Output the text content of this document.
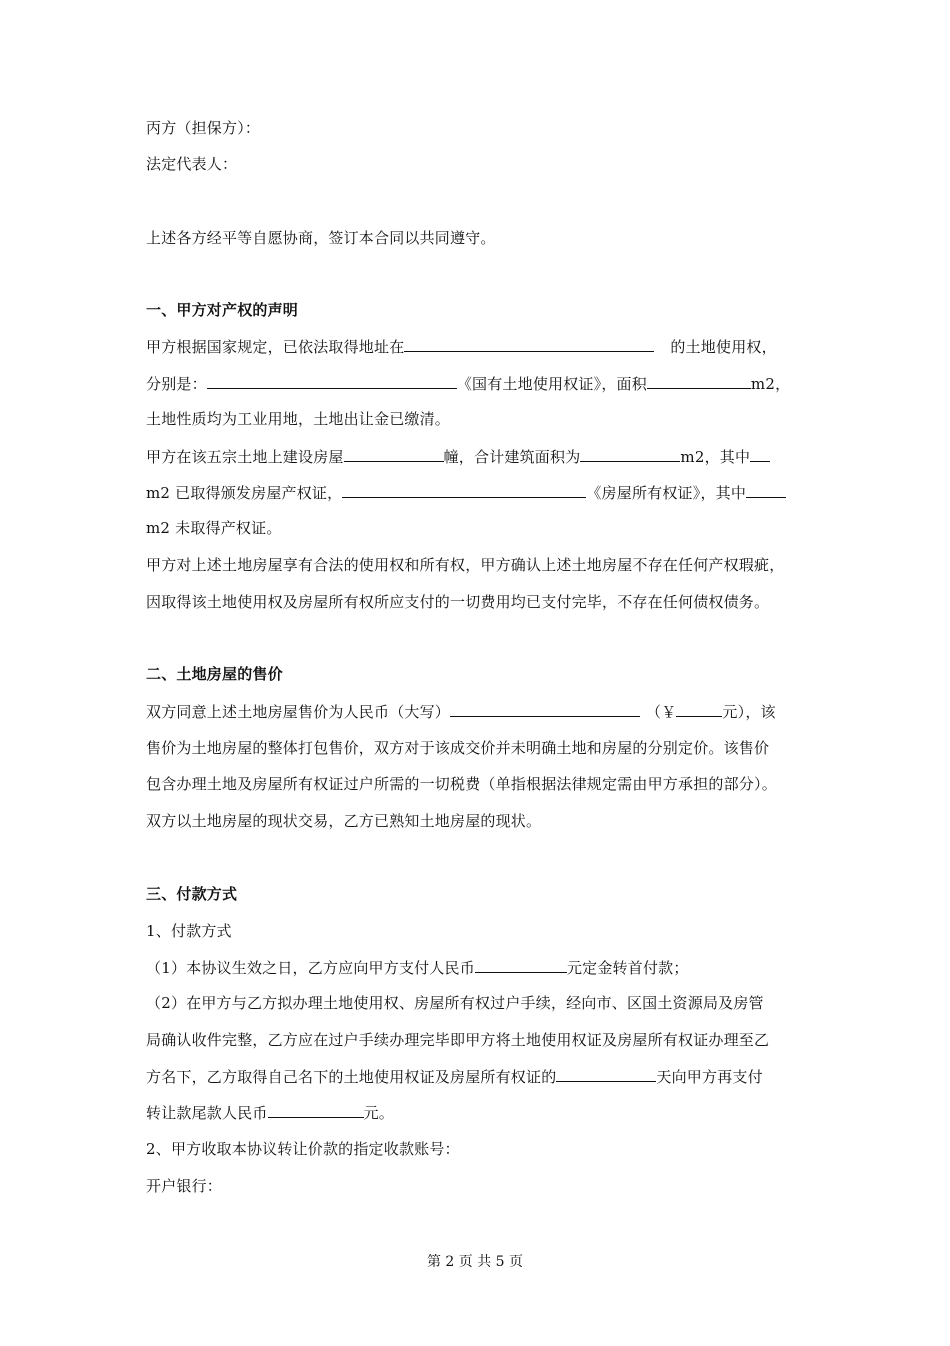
丙方（担保方）：
法定代表人：
上述各方经平等自愿协商，签订本合同以共同遵守。
一、甲方对产权的声明
甲方根据国家规定，已依法取得地址在	的土地使用权，
分别是：	《国有土地使用权证》，面积	m2，
土地性质均为工业用地，土地出让金已缴清。
甲方在该五宗土地上建设房屋	幢，合计建筑面积为	m2，其中
m2 已取得颁发房屋产权证，	《房屋所有权证》，其中
m2 未取得产权证。
甲方对上述土地房屋享有合法的使用权和所有权，甲方确认上述土地房屋不存在任何产权瑕疵，
因取得该土地使用权及房屋所有权所应支付的一切费用均已支付完毕，不存在任何债权债务。
二、土地房屋的售价
双方同意上述土地房屋售价为人民币（大写）	（￥	元），该
售价为土地房屋的整体打包售价，双方对于该成交价并未明确土地和房屋的分别定价。该售价
包含办理土地及房屋所有权证过户所需的一切税费（单指根据法律规定需由甲方承担的部分）。
双方以土地房屋的现状交易，乙方已熟知土地房屋的现状。
三、付款方式
1、付款方式
（1）本协议生效之日，乙方应向甲方支付人民币	元定金转首付款；
（2）在甲方与乙方拟办理土地使用权、房屋所有权过户手续，经向市、区国土资源局及房管
局确认收件完整，乙方应在过户手续办理完毕即甲方将土地使用权证及房屋所有权证办理至乙
方名下，乙方取得自己名下的土地使用权证及房屋所有权证的	天向甲方再支付
转让款尾款人民币	元。
2、甲方收取本协议转让价款的指定收款账号：
开户银行：
第 2 页 共 5 页
